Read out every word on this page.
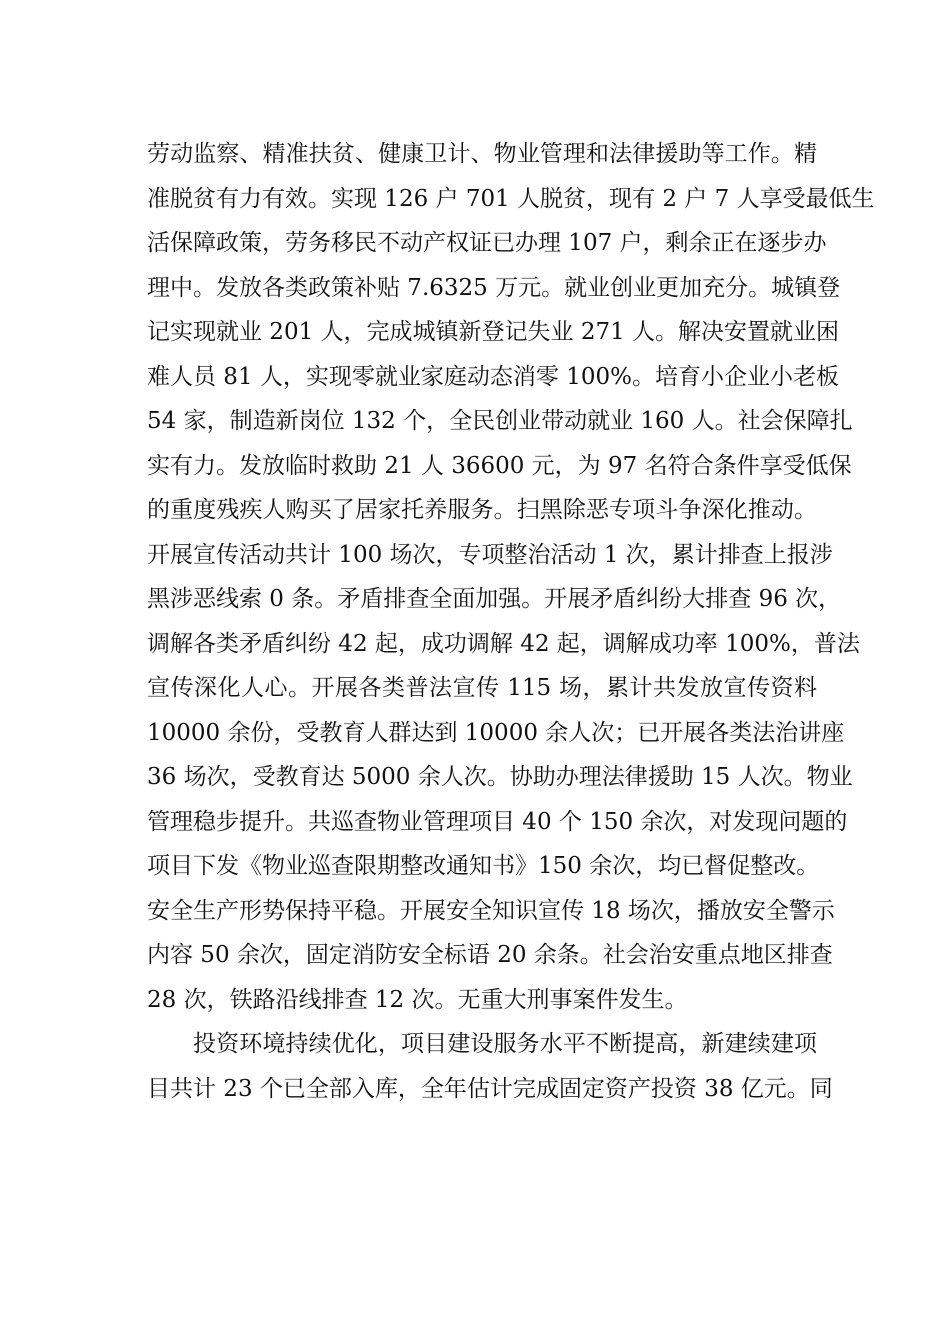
劳动监察、精准扶贫、健康卫计、物业管理和法律援助等工作。精
准脱贫有力有效。实现 126 户 701 人脱贫，现有 2 户 7 人享受最低生
活保障政策，劳务移民不动产权证已办理 107 户，剩余正在逐步办
理中。发放各类政策补贴 7.6325 万元。就业创业更加充分。城镇登
记实现就业 201 人，完成城镇新登记失业 271 人。解决安置就业困
难人员 81 人，实现零就业家庭动态消零 100%。培育小企业小老板
54 家，制造新岗位 132 个，全民创业带动就业 160 人。社会保障扎
实有力。发放临时救助 21 人 36600 元，为 97 名符合条件享受低保
的重度残疾人购买了居家托养服务。扫黑除恶专项斗争深化推动。
开展宣传活动共计 100 场次，专项整治活动 1 次，累计排查上报涉
黑涉恶线索 0 条。矛盾排查全面加强。开展矛盾纠纷大排查 96 次，
调解各类矛盾纠纷 42 起，成功调解 42 起，调解成功率 100%，普法
宣传深化人心。开展各类普法宣传 115 场，累计共发放宣传资料
10000 余份，受教育人群达到 10000 余人次；已开展各类法治讲座
36 场次，受教育达 5000 余人次。协助办理法律援助 15 人次。物业
管理稳步提升。共巡查物业管理项目 40 个 150 余次，对发现问题的
项目下发《物业巡查限期整改通知书》150 余次，均已督促整改。
安全生产形势保持平稳。开展安全知识宣传 18 场次，播放安全警示
内容 50 余次，固定消防安全标语 20 余条。社会治安重点地区排查
28 次，铁路沿线排查 12 次。无重大刑事案件发生。
投资环境持续优化，项目建设服务水平不断提高，新建续建项
目共计 23 个已全部入库，全年估计完成固定资产投资 38 亿元。同
